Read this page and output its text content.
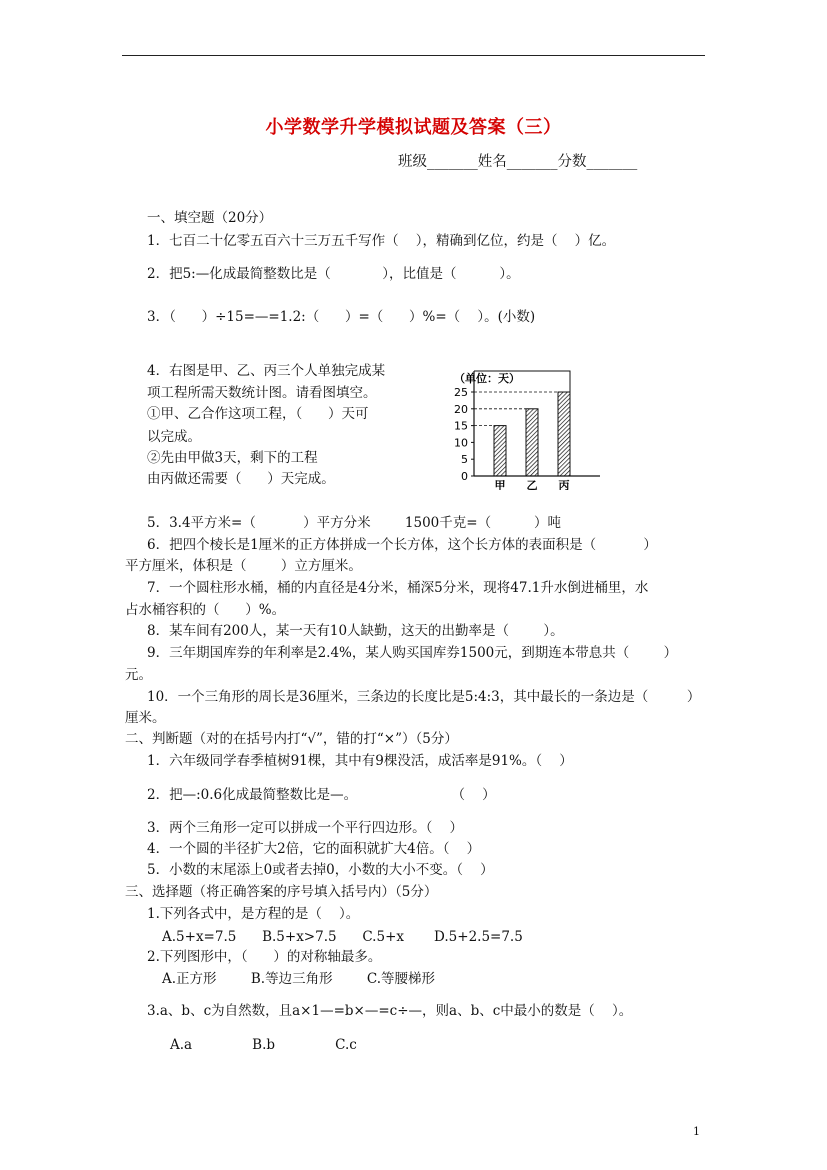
小学数学升学模拟试题及答案（三）
班级_______姓名_______分数_______
一、填空题（20分）
1．七百二十亿零五百六十三万五千写作（    ），精确到亿位，约是（    ）亿。
2．把5:—化成最简整数比是（            ），比值是（          ）。
3．（      ）÷15=—=1.2:（      ）=（      ）%=（    ）。(小数)
4．右图是甲、乙、丙三个人单独完成某
项工程所需天数统计图。请看图填空。
①甲、乙合作这项工程，（      ）天可
以完成。
②先由甲做3天，剩下的工程
由丙做还需要（      ）天完成。
5．3.4平方米=（           ）平方分米        1500千克=（          ）吨
6．把四个棱长是1厘米的正方体拼成一个长方体，这个长方体的表面积是（           ）
平方厘米，体积是（        ）立方厘米。
7．一个圆柱形水桶，桶的内直径是4分米，桶深5分米，现将47.1升水倒进桶里，水
占水桶容积的（      ）%。
8．某车间有200人，某一天有10人缺勤，这天的出勤率是（        ）。
9．三年期国库券的年利率是2.4%，某人购买国库券1500元，到期连本带息共（        ）
元。
10．一个三角形的周长是36厘米，三条边的长度比是5:4:3，其中最长的一条边是（         ）
厘米。
二、判断题（对的在括号内打“√”，错的打“×”）（5分）
1．六年级同学春季植树91棵，其中有9棵没活，成活率是91%。（    ）
2．把—:0.6化成最简整数比是—。                      （    ）
3．两个三角形一定可以拼成一个平行四边形。（    ）
4．一个圆的半径扩大2倍，它的面积就扩大4倍。（    ）
5．小数的末尾添上0或者去掉0，小数的大小不变。（    ）
三、选择题（将正确答案的序号填入括号内）（5分）
1.下列各式中，是方程的是（    ）。
A.5+x=7.5      B.5+x>7.5      C.5+x       D.5+2.5=7.5
2.下列图形中，（      ）的对称轴最多。
A.正方形        B.等边三角形        C.等腰梯形
3.a、b、c为自然数，且a×1—=b×—=c÷—，则a、b、c中最小的数是（    ）。
A.a              B.b              C.c
（单位：天）
25
20
15
10
5
0
甲 乙 丙
1
